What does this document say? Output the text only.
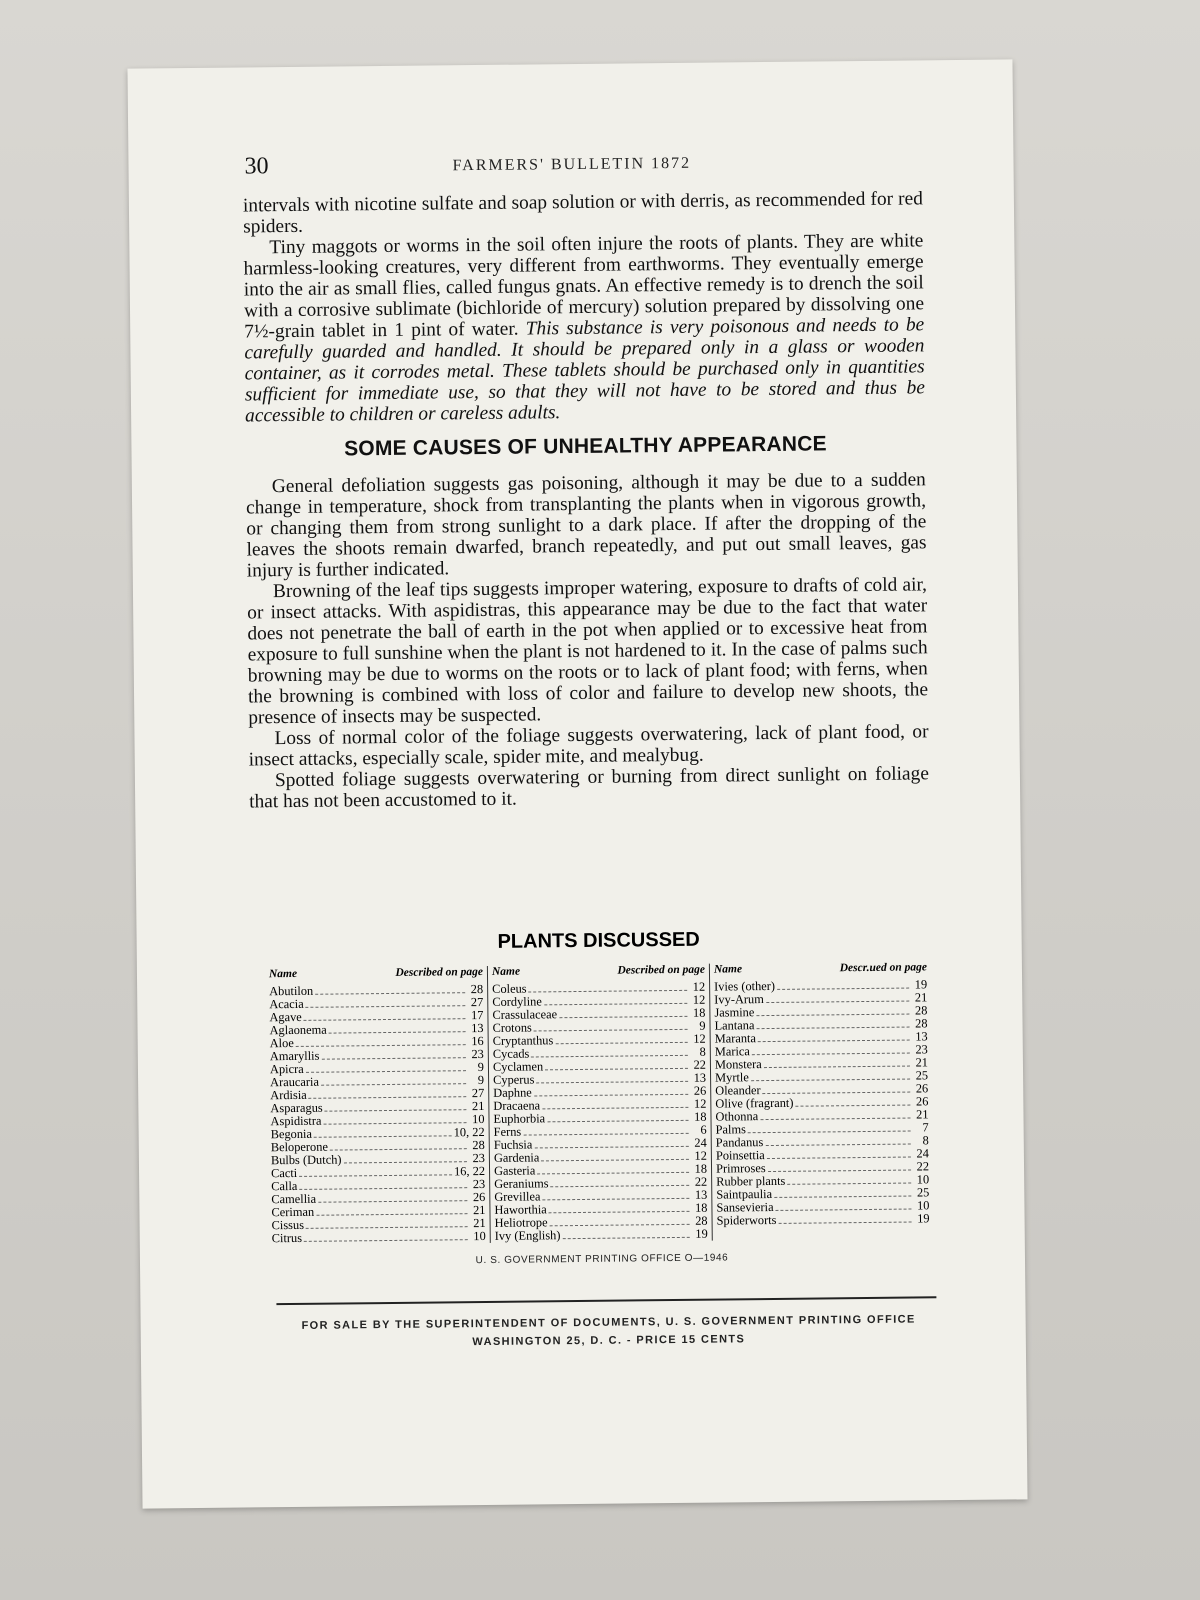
30	FARMERS' BULLETIN 1872

intervals with nicotine sulfate and soap solution or with derris, as recommended for red spiders.

Tiny maggots or worms in the soil often injure the roots of plants. They are white harmless-looking creatures, very different from earthworms. They eventually emerge into the air as small flies, called fungus gnats. An effective remedy is to drench the soil with a corrosive sublimate (bichloride of mercury) solution prepared by dissolving one 7½-grain tablet in 1 pint of water. This substance is very poisonous and needs to be carefully guarded and handled. It should be prepared only in a glass or wooden container, as it corrodes metal. These tablets should be purchased only in quantities sufficient for immediate use, so that they will not have to be stored and thus be accessible to children or careless adults.

SOME CAUSES OF UNHEALTHY APPEARANCE

General defoliation suggests gas poisoning, although it may be due to a sudden change in temperature, shock from transplanting the plants when in vigorous growth, or changing them from strong sunlight to a dark place. If after the dropping of the leaves the shoots remain dwarfed, branch repeatedly, and put out small leaves, gas injury is further indicated.

Browning of the leaf tips suggests improper watering, exposure to drafts of cold air, or insect attacks. With aspidistras, this appearance may be due to the fact that water does not penetrate the ball of earth in the pot when applied or to excessive heat from exposure to full sunshine when the plant is not hardened to it. In the case of palms such browning may be due to worms on the roots or to lack of plant food; with ferns, when the browning is combined with loss of color and failure to develop new shoots, the presence of insects may be suspected.

Loss of normal color of the foliage suggests overwatering, lack of plant food, or insect attacks, especially scale, spider mite, and mealybug.

Spotted foliage suggests overwatering or burning from direct sunlight on foliage that has not been accustomed to it.

PLANTS DISCUSSED
Name	Described on page
Abutilon	28
Acacia	27
Agave	17
Aglaonema	13
Aloe	16
Amaryllis	23
Apicra	9
Araucaria	9
Ardisia	27
Asparagus	21
Aspidistra	10
Begonia	10, 22
Beloperone	28
Bulbs (Dutch)	23
Cacti	16, 22
Calla	23
Camellia	26
Ceriman	21
Cissus	21
Citrus	10
Name	Described on page
Coleus	12
Cordyline	12
Crassulaceae	18
Crotons	9
Cryptanthus	12
Cycads	8
Cyclamen	22
Cyperus	13
Daphne	26
Dracaena	12
Euphorbia	18
Ferns	6
Fuchsia	24
Gardenia	12
Gasteria	18
Geraniums	22
Grevillea	13
Haworthia	18
Heliotrope	28
Ivy (English)	19
Name	Descr.ued on page
Ivies (other)	19
Ivy-Arum	21
Jasmine	28
Lantana	28
Maranta	13
Marica	23
Monstera	21
Myrtle	25
Oleander	26
Olive (fragrant)	26
Othonna	21
Palms	7
Pandanus	8
Poinsettia	24
Primroses	22
Rubber plants	10
Saintpaulia	25
Sansevieria	10
Spiderworts	19
U. S. GOVERNMENT PRINTING OFFICE O—1946
FOR SALE BY THE SUPERINTENDENT OF DOCUMENTS, U. S. GOVERNMENT PRINTING OFFICE
WASHINGTON 25, D. C. - PRICE 15 CENTS
